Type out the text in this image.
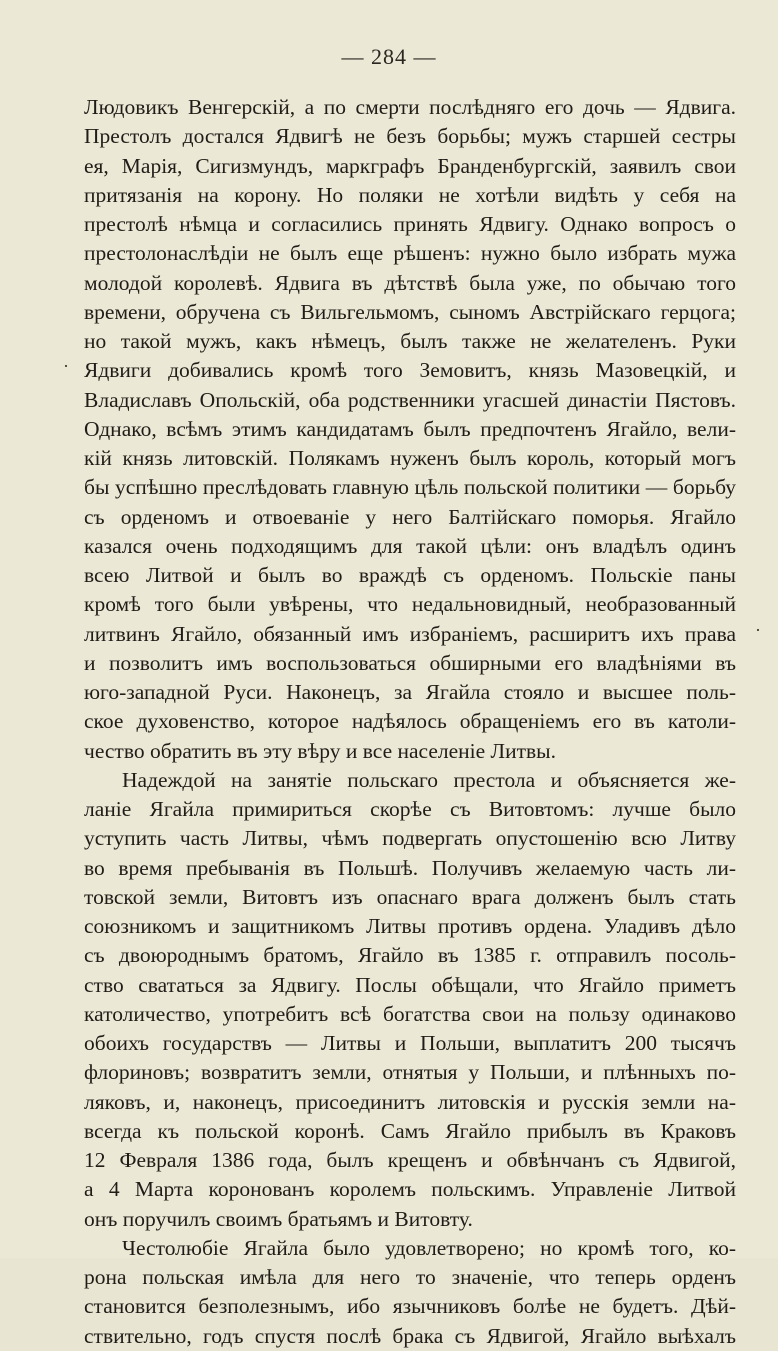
— 284 —
Людовикъ Венгерскій, а по смерти послѣдняго его дочь — Ядвига.
Престолъ достался Ядвигѣ не безъ борьбы; мужъ старшей сестры
ея, Марія, Сигизмундъ, маркграфъ Бранденбургскій, заявилъ свои
притязанія на корону. Но поляки не хотѣли видѣть у себя на
престолѣ нѣмца и согласились принять Ядвигу. Однако вопросъ о
престолонаслѣдіи не былъ еще рѣшенъ: нужно было избрать мужа
молодой королевѣ. Ядвига въ дѣтствѣ была уже, по обычаю того
времени, обручена съ Вильгельмомъ, сыномъ Австрійскаго герцога;
но такой мужъ, какъ нѣмецъ, былъ также не желателенъ. Руки
Ядвиги добивались кромѣ того Земовитъ, князь Мазовецкій, и
Владиславъ Опольскій, оба родственники угасшей династіи Пястовъ.
Однако, всѣмъ этимъ кандидатамъ былъ предпочтенъ Ягайло, вели-
кій князь литовскій. Полякамъ нуженъ былъ король, который могъ
бы успѣшно преслѣдовать главную цѣль польской политики — борьбу
съ орденомъ и отвоеваніе у него Балтійскаго поморья. Ягайло
казался очень подходящимъ для такой цѣли: онъ владѣлъ одинъ
всею Литвой и былъ во враждѣ съ орденомъ. Польскіе паны
кромѣ того были увѣрены, что недальновидный, необразованный
литвинъ Ягайло, обязанный имъ избраніемъ, расширитъ ихъ права
и позволитъ имъ воспользоваться обширными его владѣніями въ
юго-западной Руси. Наконецъ, за Ягайла стояло и высшее поль-
ское духовенство, которое надѣялось обращеніемъ его въ католи-
чество обратить въ эту вѣру и все населеніе Литвы.
Надеждой на занятіе польскаго престола и объясняется же-
ланіе Ягайла примириться скорѣе съ Витовтомъ: лучше было
уступить часть Литвы, чѣмъ подвергать опустошенію всю Литву
во время пребыванія въ Польшѣ. Получивъ желаемую часть ли-
товской земли, Витовтъ изъ опаснаго врага долженъ былъ стать
союзникомъ и защитникомъ Литвы противъ ордена. Уладивъ дѣло
съ двоюроднымъ братомъ, Ягайло въ 1385 г. отправилъ посоль-
ство свататься за Ядвигу. Послы обѣщали, что Ягайло приметъ
католичество, употребитъ всѣ богатства свои на пользу одинаково
обоихъ государствъ — Литвы и Польши, выплатитъ 200 тысячъ
флориновъ; возвратитъ земли, отнятыя у Польши, и плѣнныхъ по-
ляковъ, и, наконецъ, присоединитъ литовскія и русскія земли на-
всегда къ польской коронѣ. Самъ Ягайло прибылъ въ Краковъ
12 Февраля 1386 года, былъ крещенъ и обвѣнчанъ съ Ядвигой,
а 4 Марта коронованъ королемъ польскимъ. Управленіе Литвой
онъ поручилъ своимъ братьямъ и Витовту.
Честолюбіе Ягайла было удовлетворено; но кромѣ того, ко-
рона польская имѣла для него то значеніе, что теперь орденъ
становится безполезнымъ, ибо язычниковъ болѣе не будетъ. Дѣй-
ствительно, годъ спустя послѣ брака съ Ядвигой, Ягайло выѣхалъ
·
·
